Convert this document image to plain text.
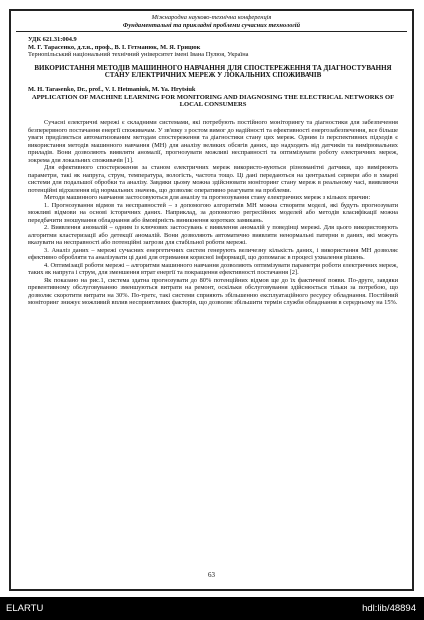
Міжнародна науково-технічна конференція
Фундаментальні та прикладні проблеми сучасних технологій
УДК 621.31:004.9
М. Г. Тарасенко, д.т.н., проф., В. І. Гетманюк, М. Я. Грицюк
Тернопільський національний технічний університет імені Івана Пулюя, Україна
ВИКОРИСТАННЯ МЕТОДІВ МАШИННОГО НАВЧАННЯ ДЛЯ СПОСТЕРЕЖЕННЯ ТА ДІАГНОСТУВАННЯ СТАНУ ЕЛЕКТРИЧНИХ МЕРЕЖ У ЛОКАЛЬНИХ СПОЖИВАЧІВ
M. H. Tarasenko, Dr., prof., V. I. Hetmaniuk, M. Ya. Hrytsiuk
APPLICATION OF MACHINE LEARNING FOR MONITORING AND DIAGNOSING THE ELECTRICAL NETWORKS OF LOCAL CONSUMERS

Сучасні електричні мережі є складними системами, які потребують постійного моніторингу та діагностики для забезпечення безперервного постачання енергії споживачам. У зв'язку з ростом вимог до надійності та ефективності енергозабезпечення, все більше уваги приділяється автоматизованим методам спостереження та діагностики стану цих мереж. Одним із перспективних підходів є використання методів машинного навчання (МН) для аналізу великих обсягів даних, що надходять від датчиків та вимірювальних приладів. Вони дозволяють виявляти аномалії, прогнозувати можливі несправності та оптимізувати роботу електричних мереж, зокрема для локальних споживачів [1].

Для ефективного спостереження за станом електричних мереж використо-вуються різноманітні датчики, що вимірюють параметри, такі як напруга, струм, температура, вологість, частота тощо. Ці дані передаються на центральні сервери або в хмарні системи для подальшої обробки та аналізу. Завдяки цьому можна здійснювати моніторинг стану мереж в реальному часі, виявляючи потенційні відхилення від нормальних значень, що дозволяє оперативно реагувати на проблеми.

Методи машинного навчання застосовуються для аналізу та прогнозування стану електричних мереж з кількох причин:

1. Прогнозування відмов та несправностей – з допомогою алгоритмів МН можна створити моделі, які будуть прогнозувати можливі відмови на основі історичних даних. Наприклад, за допомогою регресійних моделей або методів класифікації можна передбачити зношування обладнання або ймовірність виникнення коротких замикань.

2. Виявлення аномалій – одним із ключових застосувань є виявлення аномалій у поведінці мережі. Для цього використовують алгоритми кластеризації або детекції аномалій. Вони дозволяють автоматично виявляти ненормальні патерни в даних, які можуть вказувати на несправності або потенційні загрози для стабільної роботи мережі.

3. Аналіз даних – мережі сучасних енергетичних систем генерують величезну кількість даних, і використання МН дозволяє ефективно обробляти та аналізувати ці дані для отримання корисної інформації, що допомагає в процесі ухвалення рішень.

4. Оптимізації роботи мережі – алгоритми машинного навчання дозволяють оптимізувати параметри роботи електричних мереж, таких як напруга і струм, для зменшення втрат енергії та покращення ефективності постачання [2].

Як показано на рис.1, система здатна прогнозувати до 80% потенційних відмов ще до їх фактичної появи. По-друге, завдяки превентивному обслуговуванню зменшуються витрати на ремонт, оскільки обслуговування здійснюється тільки за потребою, що дозволяє скоротити витрати на 30%. По-третє, такі системи сприяють збільшенню експлуатаційного ресурсу обладнання. Постійний моніторинг знижує можливий вплив несприятливих факторів, що дозволяє збільшити термін служби обладнання в середньому на 15%.

63
ELARTU	hdl:lib/48894
